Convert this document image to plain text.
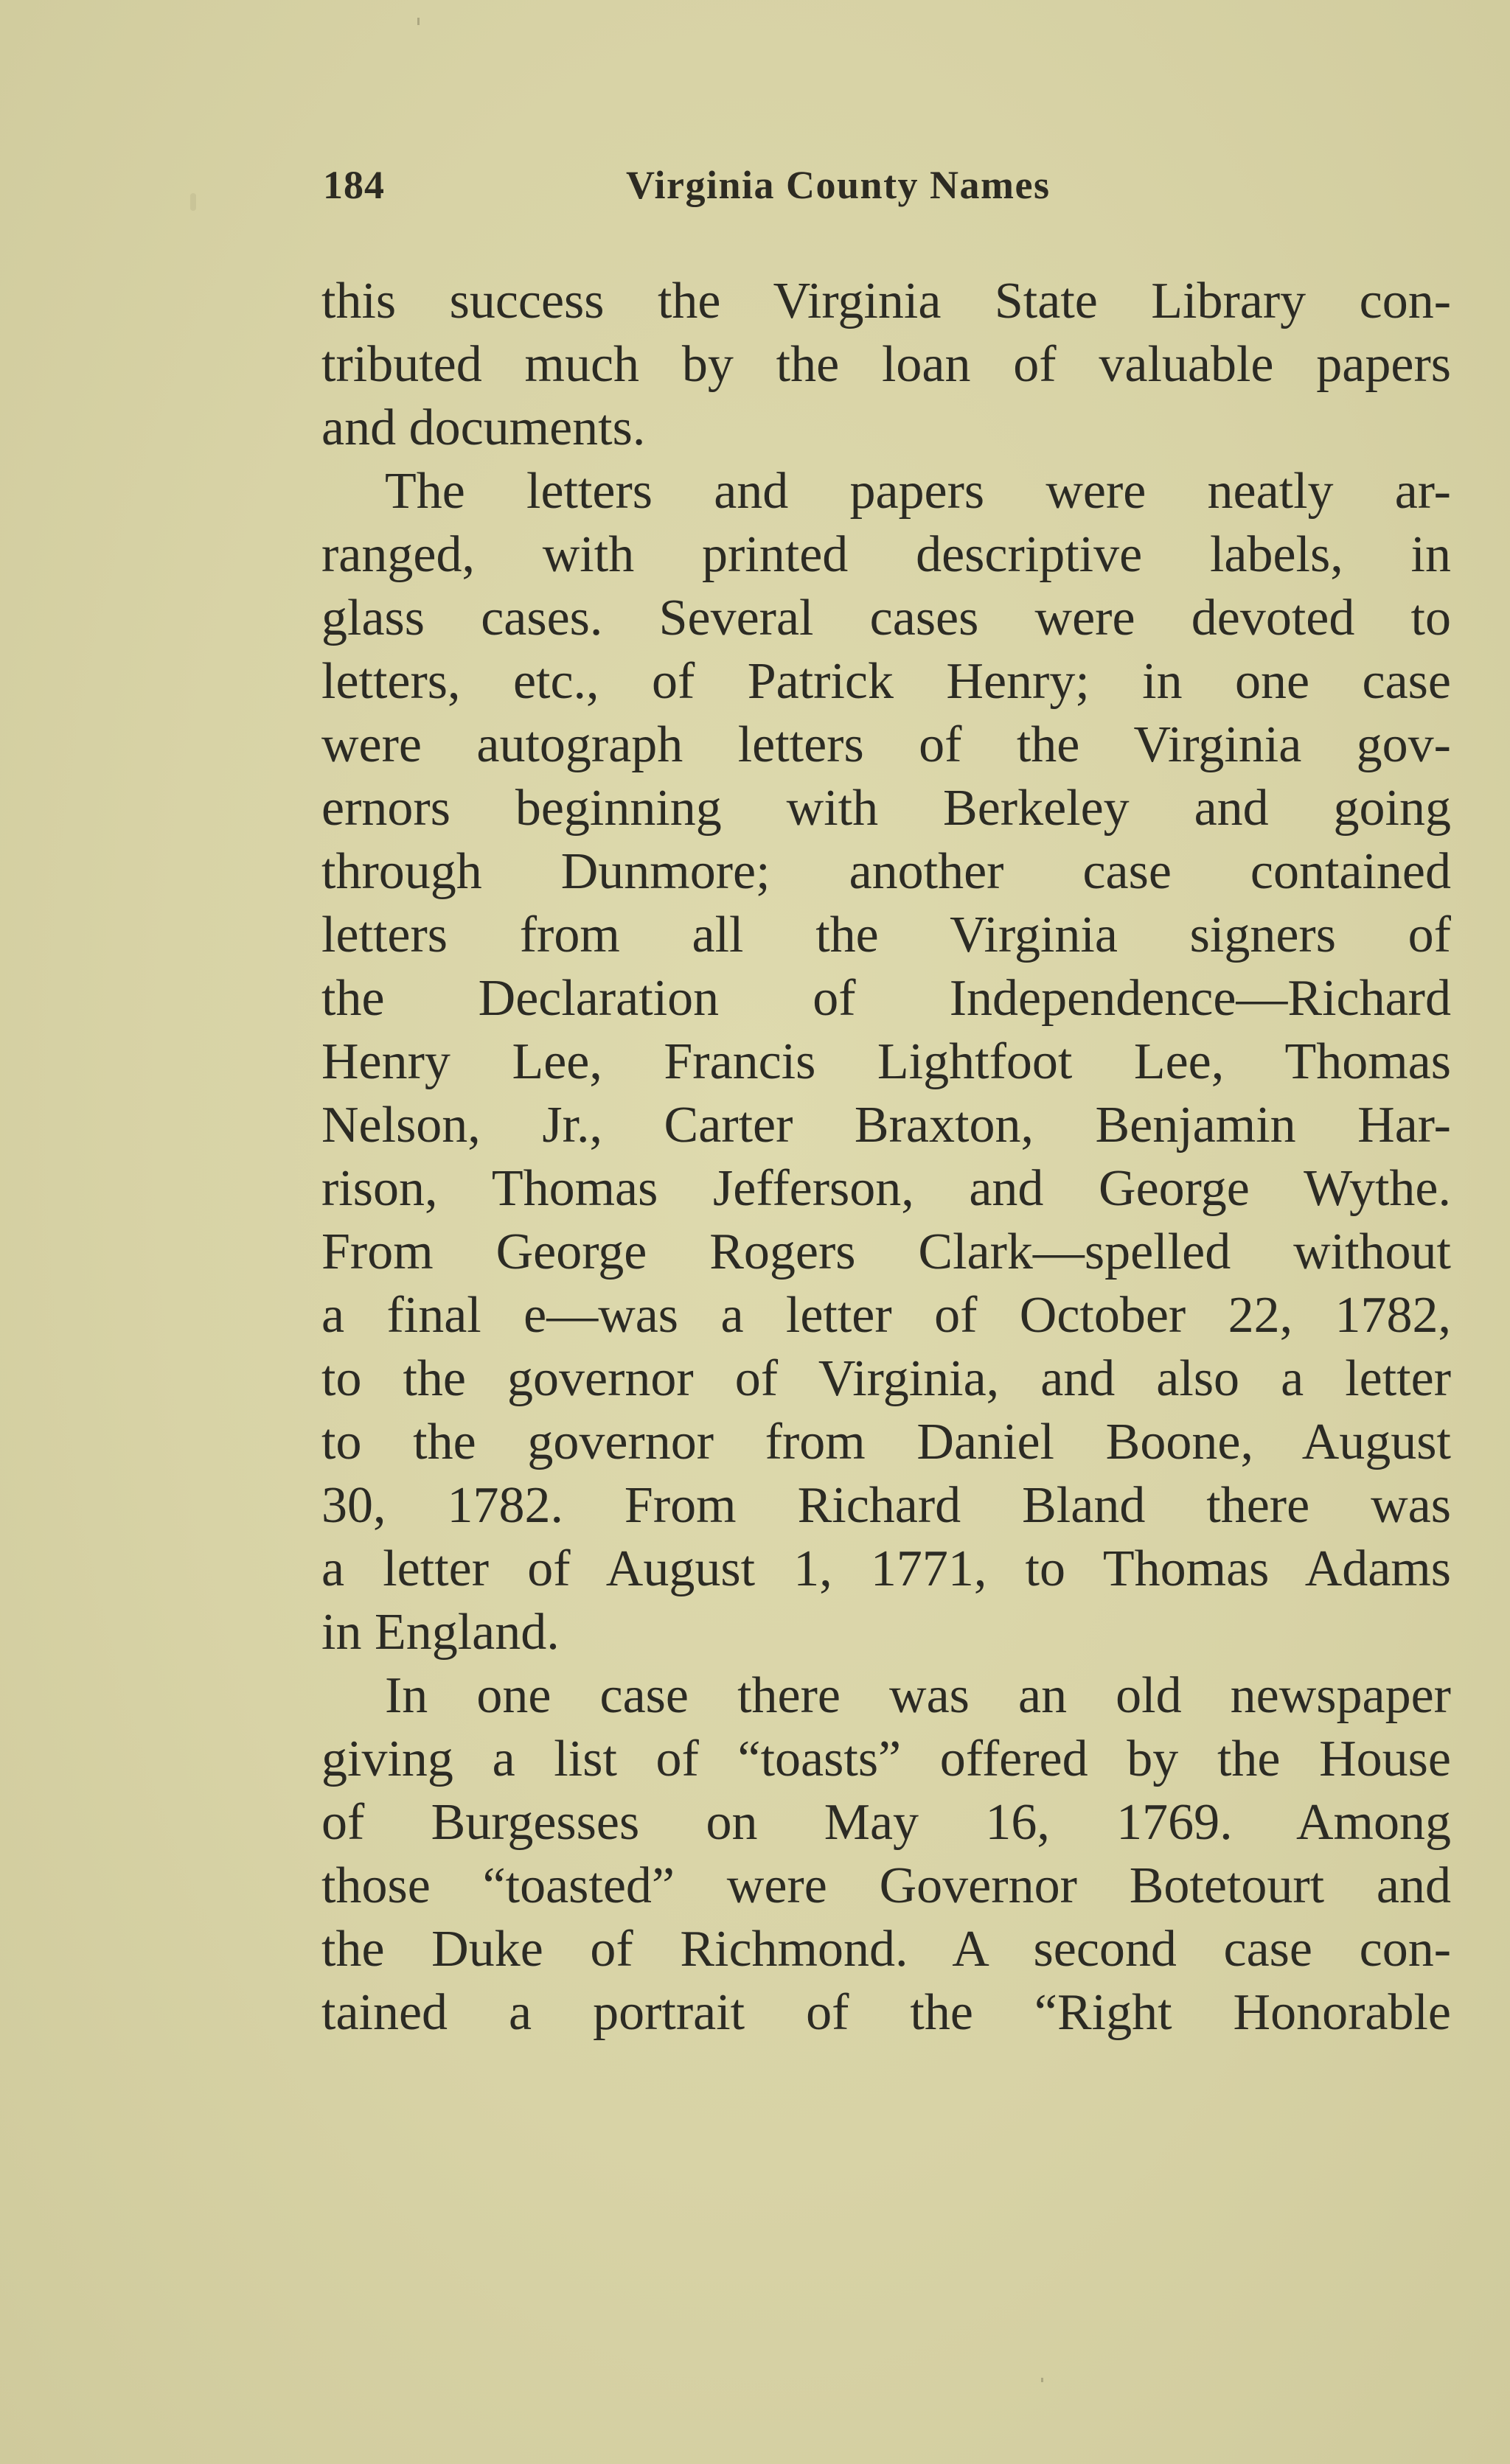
184	Virginia County Names
this success the Virginia State Library con-
tributed much by the loan of valuable papers
and documents.
The letters and papers were neatly ar-
ranged, with printed descriptive labels, in
glass cases. Several cases were devoted to
letters, etc., of Patrick Henry; in one case
were autograph letters of the Virginia gov-
ernors beginning with Berkeley and going
through Dunmore; another case contained
letters from all the Virginia signers of
the Declaration of Independence—Richard
Henry Lee, Francis Lightfoot Lee, Thomas
Nelson, Jr., Carter Braxton, Benjamin Har-
rison, Thomas Jefferson, and George Wythe.
From George Rogers Clark—spelled without
a final e—was a letter of October 22, 1782,
to the governor of Virginia, and also a letter
to the governor from Daniel Boone, August
30, 1782. From Richard Bland there was
a letter of August 1, 1771, to Thomas Adams
in England.
In one case there was an old newspaper
giving a list of “toasts” offered by the House
of Burgesses on May 16, 1769. Among
those “toasted” were Governor Botetourt and
the Duke of Richmond. A second case con-
tained a portrait of the “Right Honorable
